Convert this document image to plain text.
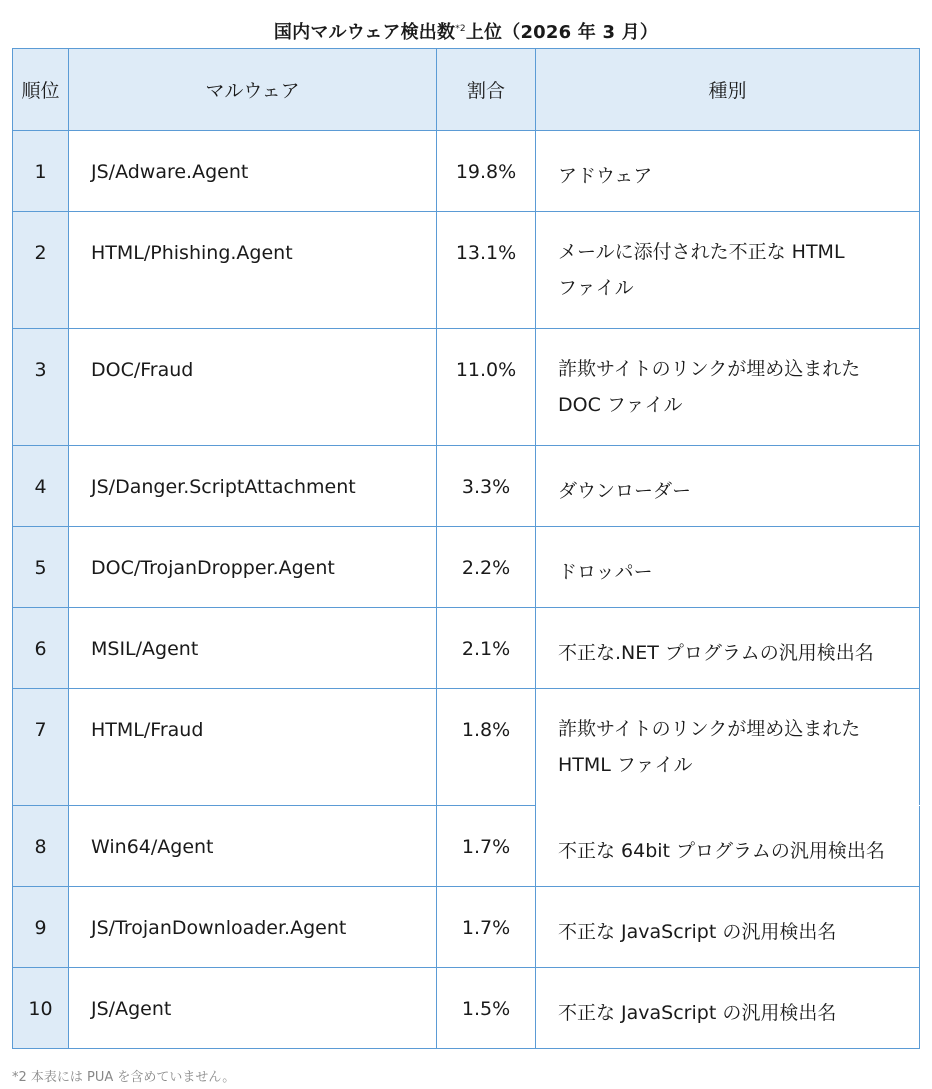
国内マルウェア検出数$^{*2}$上位（2026 年 3 月）
順位	マルウェア	割合	種別
1	JS/Adware.Agent	19.8%	アドウェア
2	HTML/Phishing.Agent	13.1%	メールに添付された不正な HTML
ファイル
3	DOC/Fraud	11.0%	詐欺サイトのリンクが埋め込まれた
DOC ファイル
4	JS/Danger.ScriptAttachment	3.3%	ダウンローダー
5	DOC/TrojanDropper.Agent	2.2%	ドロッパー
6	MSIL/Agent	2.1%	不正な.NET プログラムの汎用検出名
7	HTML/Fraud	1.8%	詐欺サイトのリンクが埋め込まれた
HTML ファイル
8	Win64/Agent	1.7%	不正な 64bit プログラムの汎用検出名
9	JS/TrojanDownloader.Agent	1.7%	不正な JavaScript の汎用検出名
10	JS/Agent	1.5%	不正な JavaScript の汎用検出名
*2 本表には PUA を含めていません。
